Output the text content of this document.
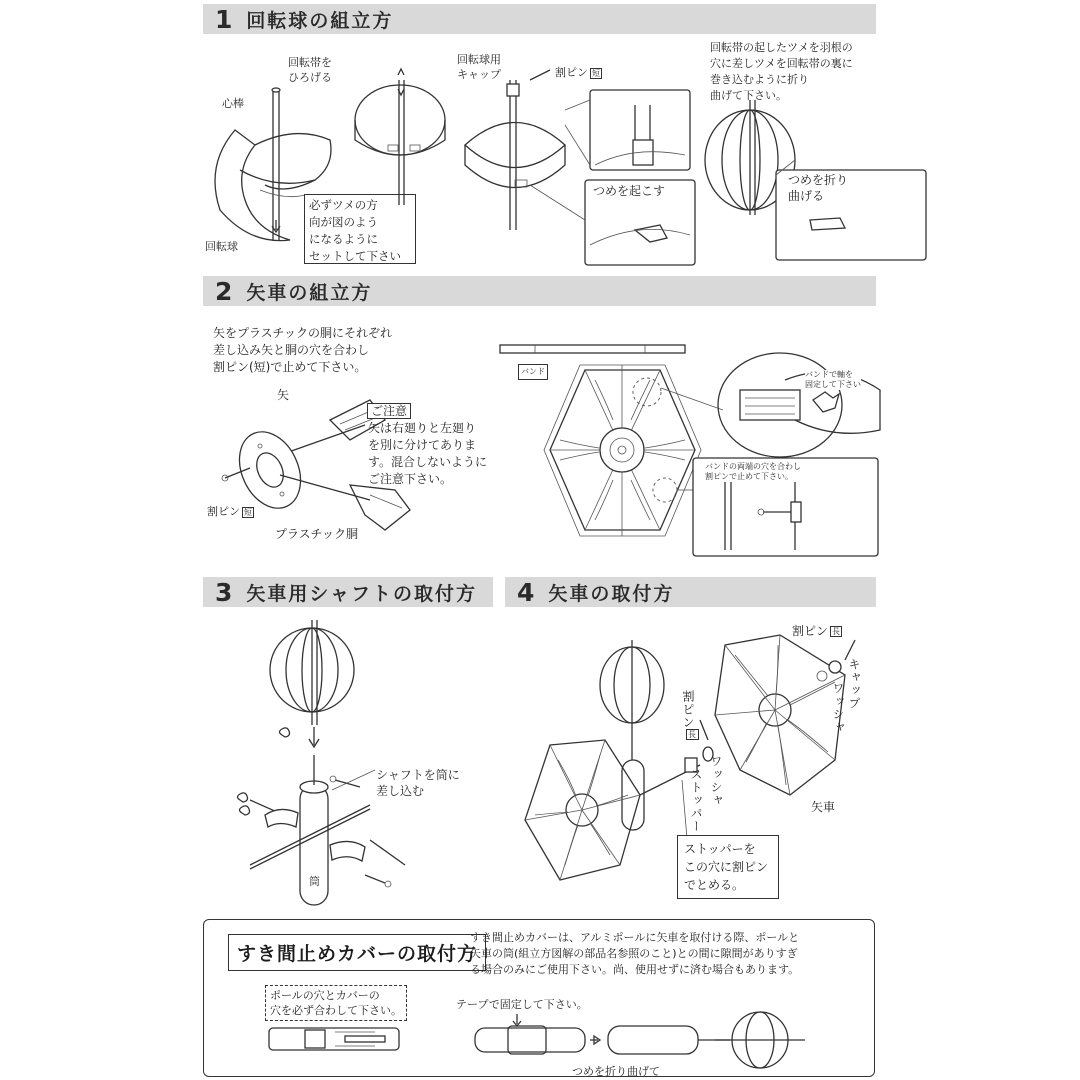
1 回転球の組立方
回転帯を
ひろげる
心棒
回転球
必ずツメの方
向が図のよう
になるように
セットして下さい
回転球用
キャップ	割ピン 短
つめを起こす
回転帯の起したツメを羽根の
穴に差しツメを回転帯の裏に
巻き込むように折り
曲げて下さい。
つめを折り
曲げる
2 矢車の組立方
矢をプラスチックの胴にそれぞれ
差し込み矢と胴の穴を合わし
割ピン(短)で止めて下さい。
矢
ご注意
矢は右廻りと左廻り
を別に分けてありま
す。混合しないように
ご注意下さい。
割ピン 短
プラスチック胴
バンド	バンドで軸を
固定して下さい
バンドの両端の穴を合わし
割ピンで止めて下さい。
3 矢車用シャフトの取付方
シャフトを筒に
差し込む
筒
4 矢車の取付方
割ピン 長
キャップ
ワッシャ
割ピン長
ワッシャ
ストッパー	矢車
ストッパーを
この穴に割ピン
でとめる。
すき間止めカバーの取付方
すき間止めカバーは、アルミポールに矢車を取付ける際、ポールと
矢車の筒(組立方図解の部品名参照のこと)との間に隙間がありすぎ
る場合のみにご使用下さい。尚、使用せずに済む場合もあります。
ポールの穴とカバーの
穴を必ず合わして下さい。	テープで固定して下さい。
つめを折り曲げて
